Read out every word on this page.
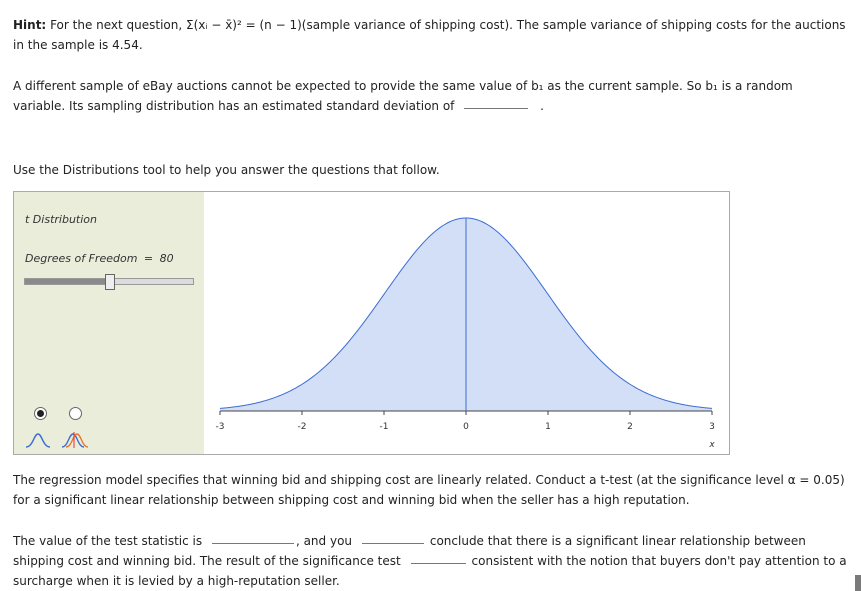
Hint: For the next question, Σ(xᵢ − x̄)² = (n − 1)(sample variance of shipping cost). The sample variance of shipping costs for the auctions in the sample is 4.54.

A different sample of eBay auctions cannot be expected to provide the same value of b₁ as the current sample. So b₁ is a random variable. Its sampling distribution has an estimated standard deviation of	.

Use the Distributions tool to help you answer the questions that follow.

t Distribution
Degrees of Freedom = 80
-3	-2	-1	0	1	2	3
x

The regression model specifies that winning bid and shipping cost are linearly related. Conduct a t-test (at the significance level α = 0.05) for a significant linear relationship between shipping cost and winning bid when the seller has a high reputation.

The value of the test statistic is	, and you	conclude that there is a significant linear relationship between shipping cost and winning bid. The result of the significance test	consistent with the notion that buyers don't pay attention to a surcharge when it is levied by a high-reputation seller.
